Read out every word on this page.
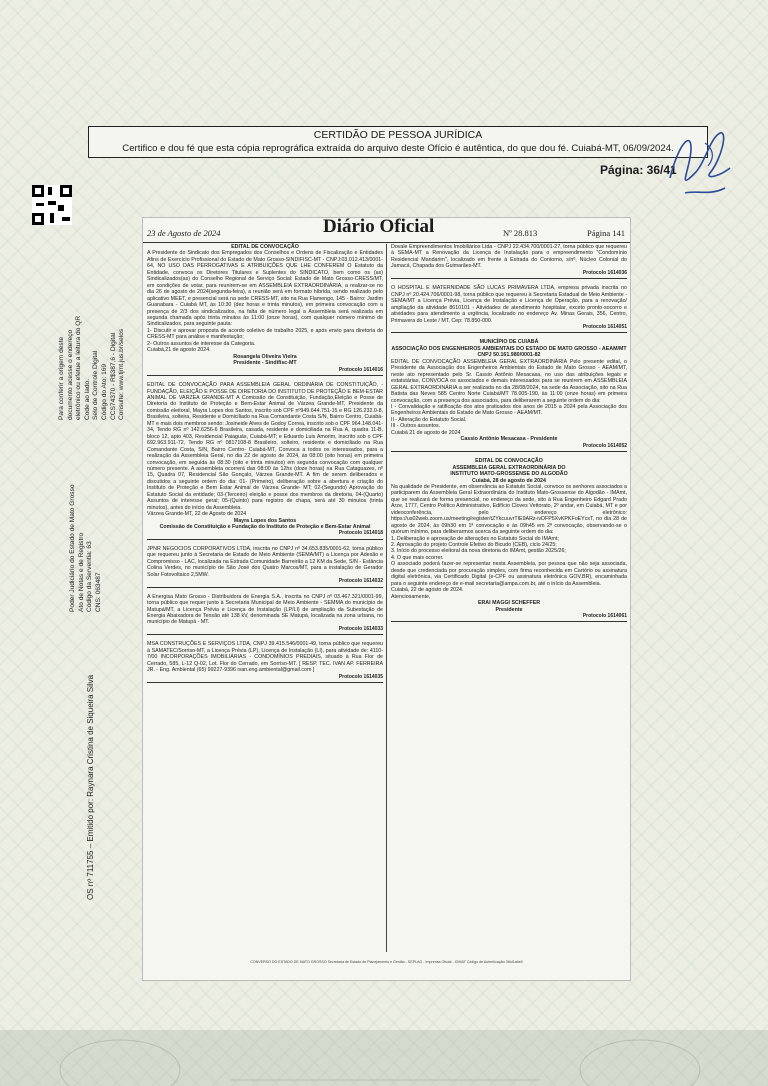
CERTIDÃO DE PESSOA JURÍDICA
Certifico e dou fé que esta cópia reprográfica extraída do arquivo deste Ofício é autêntica, do que dou fé. Cuiabá-MT, 06/09/2024.
Página: 36/41
Para conferir a origem deste documento acesse o endereço eletrônico ou efetue a leitura do QR Code ao lado. Selo de Controle Digital Código do Ato: 169 CCS74370 - R$387,6 - Digital Consulte: www.tjmt.jus.br/selos
Poder Judiciário do Estado de Mato Grosso Ato de Notas e de Registro Código da Serventia: 63 CNS: 063487
OS nº 711755 – Emitido por: Raynara Cristina de Siqueira Silva
23 de Agosto de 2024	Diário Oficial	Nº 28.813	Página 141
EDITAL DE CONVOCAÇÃO
A Presidente do Sindicato dos Empregados dos Conselhos e Ordens de Fiscalização e Entidades Afins de Exercício Profissional do Estado de Mato Grosso-SINDIFISC-MT - CNPJ:03.012.413/0001-64, NO USO DAS PERROGATIVAS E ATRIBUIÇÕES QUE LHE CONFEREM O Estatuto da Entidade, convoca os Diretores Titulares e Suplentes do SINDICATO, bem como os (as) Sindicalizados(as) do Conselho Regional de Serviço Social: Estado de Mato Grosso-CRESS/MT, em condições de votar, para reunirem-se em ASSEMBLEIA EXTRAORDINÁRIA, a realizar-se no dia 26 de agosto de 2024(segunda-feira), a reunião será em formato híbrida, sendo realizado pelo aplicativo MEET, e presencial será na sede CRESS-MT, sito na Rua Flamengo, 145 - Bairro: Jardim Guanabara - Cuiabá MT, às 10:30 (dez horas e trinta minutos), em primeira convocação com a presença de 2/3 dos sindicalizados, na falta de número legal a Assembleia será realizada em segunda chamada após trinta minutos às 11:00 (onze horas), com qualquer número mínimo de Sindicalizados, para seguinte pauta:
1- Discutir e aprovar proposta de acordo coletivo de trabalho 2025, e após envio para diretoria do CRESS-MT para análise e manifestação;
2- Outros assuntos de interesse da Categoria.
Cuiabá,21 de agosto 2024.
Rosangela Oliveira Vieira
Presidente - Sindifisc-MT
Protocolo 1614016
EDITAL DE CONVOCAÇÃO PARA ASSEMBLEIA GERAL ORDINÁRIA DE CONSTITUIÇÃO, - FUNDAÇÃO, ELEIÇÃO E POSSE DE DIRETORIA DO INSTITUTO DE PROTEÇÃO E BEM-ESTAR ANIMAL DE VARZEA GRANDE-MT A Comissão de Constituição, Fundação,Eleição e Posse de Diretoria do Instituto de Proteção e Bem-Estar Animal de Várzea Grande-MT, Presidente da comissão eleitoral, Mayra Lopes dos Santos, inscrito sob CPF nº949.644.751-15 e RG 126.232.0-8, Brasileira, solteira, Residente e Domiciliado na Rua Comandante Costa S/N, Bairro Centro, Cuiabá-MT e mais dois membros sendo: Josineide Alves de Godoy Correa, inscrito sob o CPF 964.148.041-34, Tendo RG nº 142.6256-6 Brasileira, casada, residente e domiciliada na Rua A, quadra 11-B, bloco 12, apto 403, Residencial Paiaguás, Cuiabá-MT; e Eduardo Luis Amorim, inscrito sob o CPF 692.963.911-72, Tendo RG nº 0817108-8 Brasileiro, solteiro, residente e domiciliado na Rua Comandante Costa, S/N, Bairro Centro- Cuiabá-MT, Convoca a todos os interessados, para a realização da Assembleia Geral, no dia 22 de agosto de 2024, às 08:00 (oito horas) em primeira convocação, em seguida às 08:30 (oito e trinta minutos) em segunda convocação com qualquer número presente. A assembleia ocorrerá das 08:00 às 12hs (doze horas) na Rua Cataguazes, nº 15, Quadra 07, Residencial São Gonçalo, Várzea Grande-MT. A fim de serem deliberados e discutidos a seguinte ordem do dia: 01- (Primeiro), deliberação sobre a abertura e criação do Instituto de Proteção e Bem Estar Animal de Várzea Grande- MT; 02-(Segundo) Aprovação do Estatuto Social da entidade; 03-(Terceiro) eleição e posse dos membros da diretoria, 04-(Quarto) Assuntos de interesse geral; 05-(Quinto) para registro de chapa, será até 30 minutos (trinta minutos), antes do início da Assembleia.
Várzea Grande-MT, 22 de Agosto de 2024
Mayra Lopes dos Santos
Comissão de Constituição e Fundação do Instituto de Proteção e Bem-Estar Animal
Protocolo 1614018
JPNR NEGOCIOS CORPORATIVOS LTDA, inscrita no CNPJ nº 34.653.835/0001-62, torna público que requereu junto à Secretaria de Estado de Meio Ambiente (SEMA/MT) a Licença por Adesão e Compromisso - LAC, localizada na Estrada Comunidade Barreirão a 12 KM da Sede, S/N - Estância Colina Verdes, no município de São José dos Quatro Marcos/MT, para a instalação de Gerador Solar Fotovoltaico 2,5MW.
Protocolo 1614032
A Energisa Mato Grosso - Distribuidora de Energia S.A., inscrita no CNPJ nº 03.467.321/0001-99, torna público que requer junto à Secretaria Municipal de Meio Ambiente - SEMMA do município de Matupá/MT, a Licença Prévia e Licença de Instalação (LP/LI) de ampliação da Subestação de Energia Abaixadora de Tensão até 138 kV, denominada SE Matupá, localizada na zona urbana, no município de Matupá - MT.
Protocolo 1614033
MSA CONSTRUÇÕES E SERVIÇOS LTDA, CNPJ 39.415.546/0001-49, torna público que requereu à SAMATEC/Sorriso-MT, a Licença Prévia (LP), Licença de Instalação (LI), para atividade de: 4110-7/00 INCORPORAÇÕES IMOBILIÁRIAS - CONDOMÍNIOS PREDIAIS, situado à Rua Flor de Cerrado, 585, L-12 Q-02, Lot. Flor do Cerrado, em Sorriso-MT. [ RESP. TEC. IVAN AP. FERREIRA JR. - Eng. Ambiental (65) 99227-9396 ivan.eng.ambiental@gmail.com ]
Protocolo 1614035
Dovale Empreendimentos Imobiliários Ltda - CNPJ 22.434.700/0001-27, torna público que requereu à SEMA-MT a Renovação da Licença de Instalação para o empreendimento "Condomínio Residencial Mandarim", localizado em frente à Estrada do Contorno, s/nº, Núcleo Colonial do Jamacá, Chapada dos Guimarães-MT.
Protocolo 1614036
O HOSPITAL E MATERNIDADE SÃO LUCAS PRIMAVERA LTDA, empresa privada inscrita no CNPJ nº 20.424.706/0001-98, torna público que requereu à Secretaria Estadual de Meio Ambiente - SEMA/MT a Licença Prévia, Licença de Instalação e Licença de Operação, para a renovação/ ampliação da atividade 8610101 - Atividades de atendimento hospitalar, exceto pronto-socorro e atividades para atendimento a urgência, localizado no endereço Av. Minas Gerais, 356, Centro, Primavera do Leste / MT, Cep: 78.850-000.
Protocolo 1614051
MUNICÍPIO DE CUIABÁ
ASSOCIAÇÃO DOS ENGENHEIROS AMBIENTAIS DO ESTADO DE MATO GROSSO - AEAM/MT
CNPJ 50.161.980/0001-82
EDITAL DE CONVOCAÇÃO ASSEMBLEIA GERAL EXTRAORDINÁRIA Pelo presente edital, o Presidente da Associação dos Engenheiros Ambientais do Estado de Mato Grosso - AEAM/MT, neste ato representado pelo Sr. Cassio Antônio Mesacasa, no uso das atribuições legais e estatutárias, CONVOCA os associados e demais interessados para se reunirem em ASSEMBLEIA GERAL EXTRAORDINÁRIA a ser realizada no dia 28/08/2024, na sede da Associação, sito na Rua Batista das Neves 585 Centro Norte Cuiabá/MT 78.005-190, às 11:00 (onze horas) em primeira convocação, com a presença dos associados, para deliberarem a seguinte ordem do dia:
I - Convalidação e ratificação dos atos praticados dos anos de 2015 a 2024 pela Associação dos Engenheiros Ambientais do Estado de Mato Grosso - AEAM/MT.
II - Alteração do Estatuto Social.
III - Outros assuntos.
Cuiabá 21 de agosto de 2024
Cassio Antônio Mesacasa - Presidente
Protocolo 1614052
EDITAL DE CONVOCAÇÃO
ASSEMBLEIA GERAL EXTRAORDINÁRIA DO
INSTITUTO MATO-GROSSENSE DO ALGODÃO
Cuiabá, 28 de agosto de 2024
Na qualidade de Presidente, em observância ao Estatuto Social, convoco os senhores associados a participarem da Assembleia Geral Extraordinária do Instituto Mato-Grossense do Algodão - IMAmt, que se realizará de forma presencial, no endereço da sede, sito à Rua Engenheiro Edgard Prado Arze, 1777, Centro Político Administrativo, Edifício Cloves Vettorato, 2º andar, em Cuiabá, MT e por videoconferência, pelo endereço eletrônico: https://us02web.zoom.us/meeting/register/tZYkcuuvrTIE9ARz-ivDFP5XvKPKFoEYcsT, no dia 28 de agosto de 2024, às 09h30 em 1ª convocação e às 09h45 em 2ª convocação, observando-se o quórum mínimo, para deliberarmos acerca da seguinte ordem do dia:
1. Deliberação e aprovação de alterações no Estatuto Social do IMAmt;
2. Aprovação do projeto Controle Efetivo do Bicudo (CEB), ciclo 24/25;
3. Início do processo eleitoral da nova diretoria do IMAmt, gestão 2025/26;
4. O que mais ocorrer.
O associado poderá fazer-se representar nesta Assembleia, por pessoa que não seja associada, desde que credenciada por procuração simples, com firma reconhecida em Cartório ou assinatura digital eletrônica, via Certificado Digital (e-CPF ou assinatura eletrônica GOV.BR), encaminhada para o seguinte endereço de e-mail secretaria@ampa.com.br, até o início da Assembleia.
Cuiabá, 22 de agosto de 2024.
Atenciosamente,
ERAI MAGGI SCHEFFER
Presidente
Protocolo 1614061
CONVERSO DO ESTADO DE MATO GROSSO Secretaria de Estado de Planejamento e Gestão - SEPLAG - Imprensa Oficial - IOMAT Código de Autenticação 3f4d1a6e5
